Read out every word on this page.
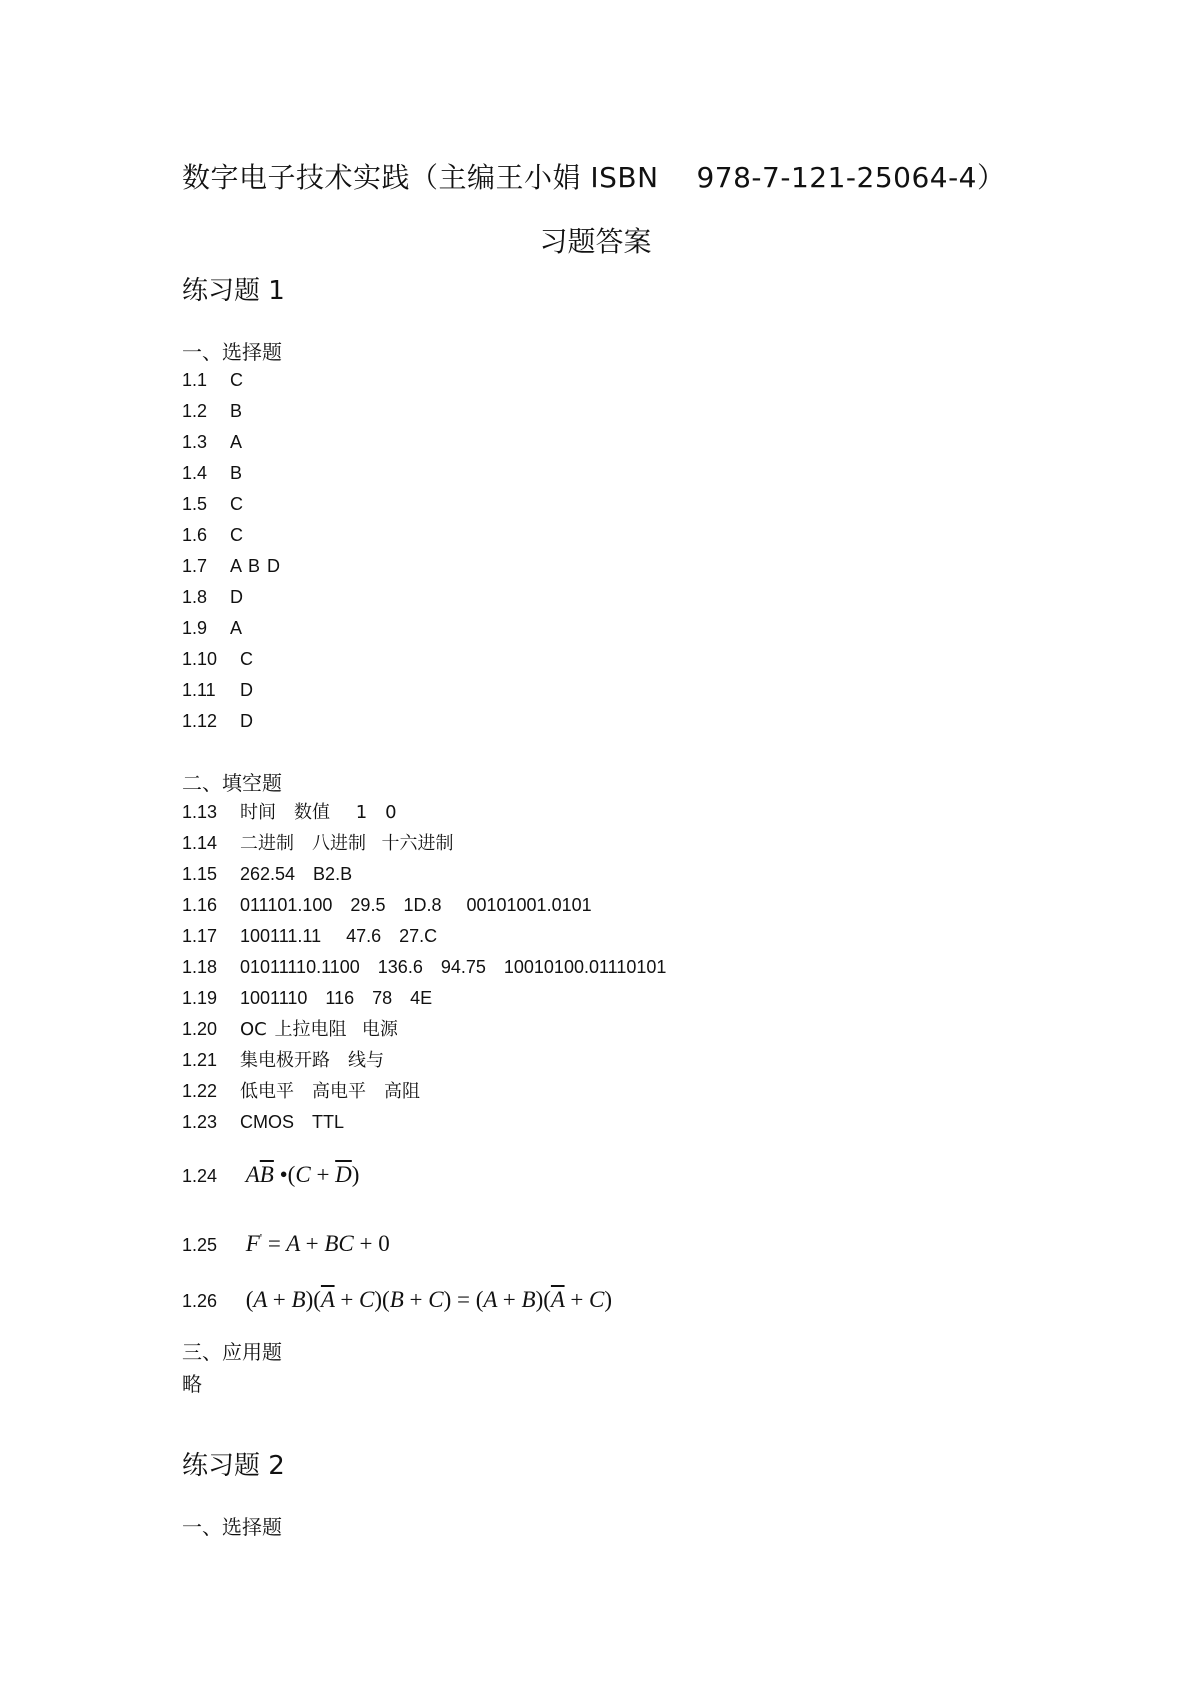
数字电子技术实践（主编王小娟 ISBN　 978-7-121-25064-4）
习题答案
练习题 1
一、选择题
1.1 C
1.2 B
1.3 A
1.4 B
1.5 C
1.6 C
1.7 A B D
1.8 D
1.9 A
1.10 C
1.11 D
1.12 D
二、填空题
1.13 时间　数值　 1　0
1.14 二进制　八进制  十六进制
1.15 262.54　B2.B
1.16 011101.100　29.5　1D.8　 00101001.0101
1.17 100111.11　 47.6　27.C
1.18 01011110.1100　136.6　94.75　10010100.01110101
1.19 1001110　116　78　4E
1.20 OC 上拉电阻  电源
1.21 集电极开路　线与
1.22 低电平　高电平　高阻
1.23 CMOS　TTL
1.24 $A\overline{B}$ •(C + $\overline{D}$)
1.25 F' = A + BC + 0
1.26 $(A + B)(\overline{A} + C)(B + C) = (A + B)(\overline{A} + C)$
三、应用题
略
练习题 2
一、选择题
